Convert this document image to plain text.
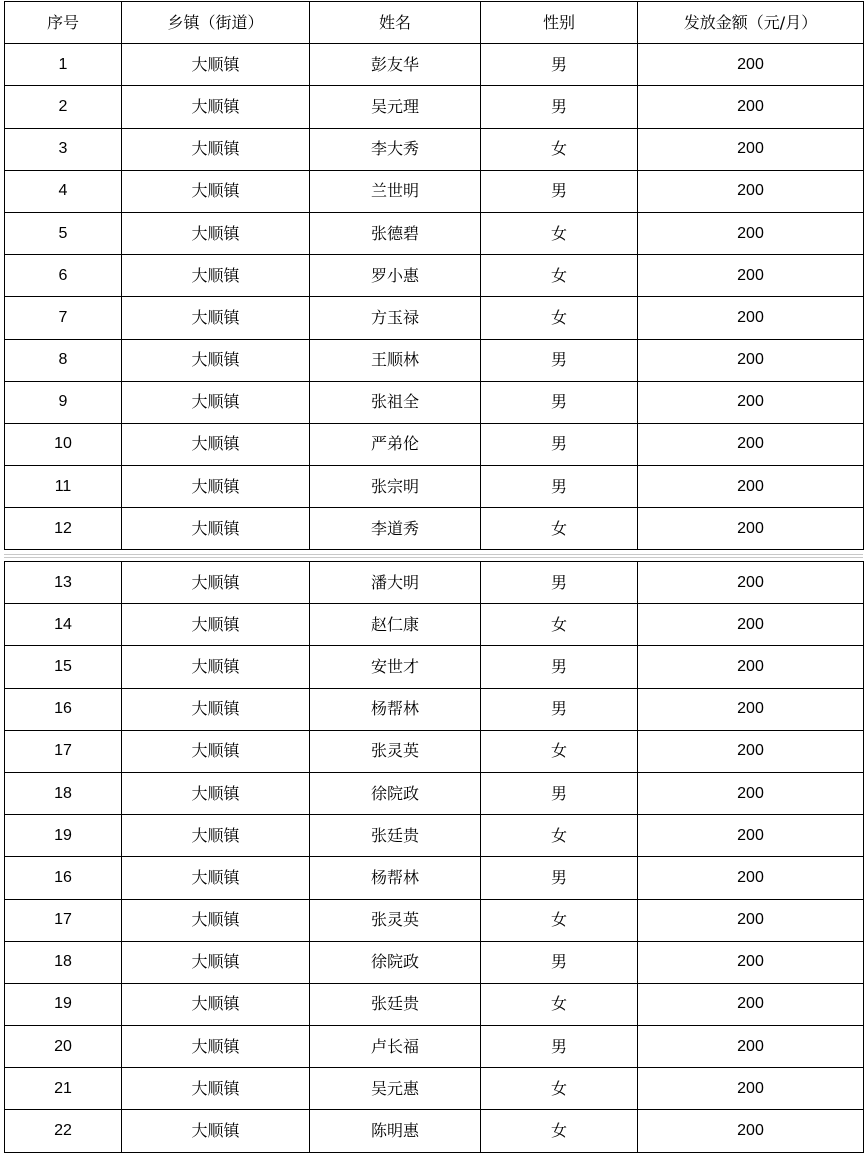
序号	乡镇（街道）	姓名	性别	发放金额（元/月）
1	大顺镇	彭友华	男	200
2	大顺镇	吴元理	男	200
3	大顺镇	李大秀	女	200
4	大顺镇	兰世明	男	200
5	大顺镇	张德碧	女	200
6	大顺镇	罗小惠	女	200
7	大顺镇	方玉禄	女	200
8	大顺镇	王顺林	男	200
9	大顺镇	张祖全	男	200
10	大顺镇	严弟伦	男	200
11	大顺镇	张宗明	男	200
12	大顺镇	李道秀	女	200
13	大顺镇	潘大明	男	200
14	大顺镇	赵仁康	女	200
15	大顺镇	安世才	男	200
16	大顺镇	杨帮林	男	200
17	大顺镇	张灵英	女	200
18	大顺镇	徐院政	男	200
19	大顺镇	张廷贵	女	200
16	大顺镇	杨帮林	男	200
17	大顺镇	张灵英	女	200
18	大顺镇	徐院政	男	200
19	大顺镇	张廷贵	女	200
20	大顺镇	卢长福	男	200
21	大顺镇	吴元惠	女	200
22	大顺镇	陈明惠	女	200
